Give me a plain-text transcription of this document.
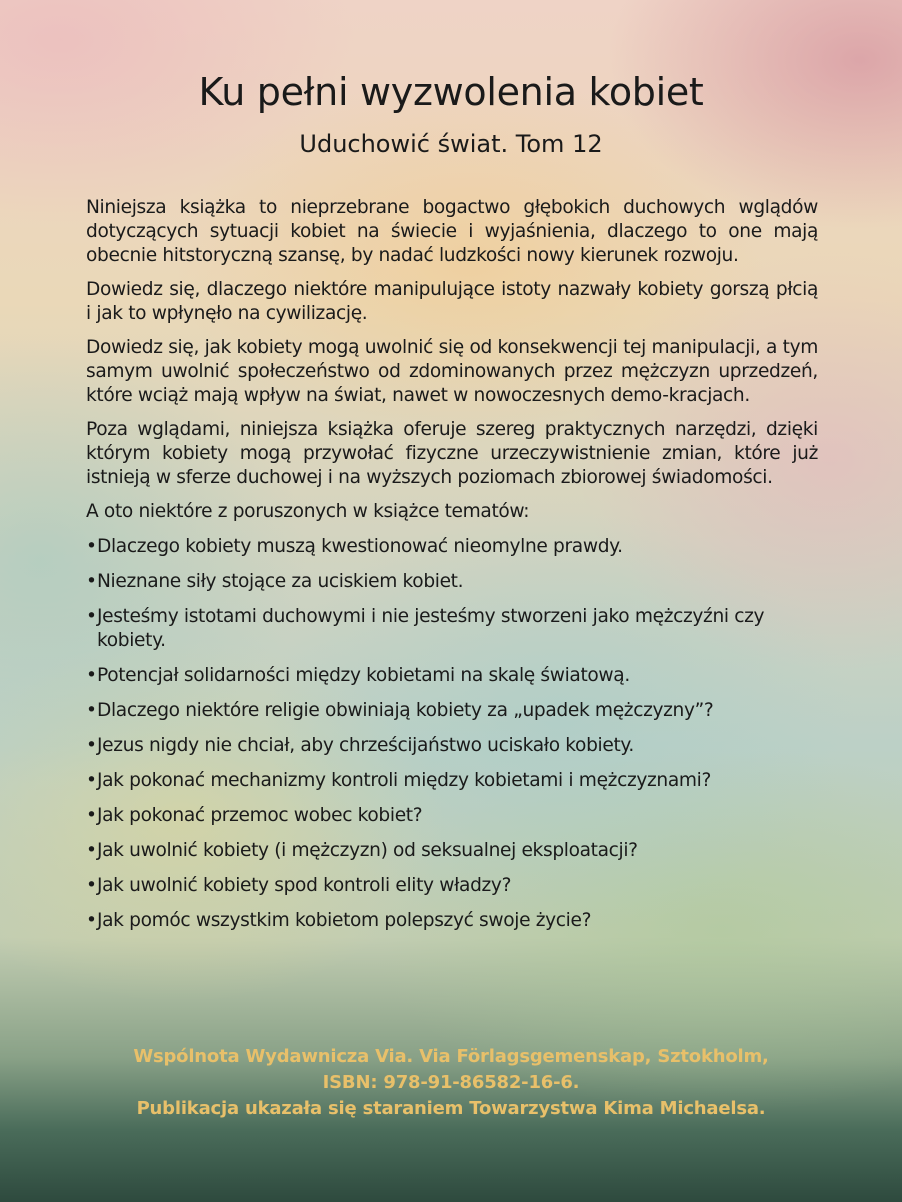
Ku pełni wyzwolenia kobiet
Uduchowić świat. Tom 12

Niniejsza książka to nieprzebrane bogactwo głębokich duchowych wglądów dotyczących sytuacji kobiet na świecie i wyjaśnienia, dlaczego to one mają obecnie hitstoryczną szansę, by nadać ludzkości nowy kierunek rozwoju.

Dowiedz się, dlaczego niektóre manipulujące istoty nazwały kobiety gorszą płcią i jak to wpłynęło na cywilizację.

Dowiedz się, jak kobiety mogą uwolnić się od konsekwencji tej manipulacji, a tym samym uwolnić społeczeństwo od zdominowanych przez mężczyzn uprzedzeń, które wciąż mają wpływ na świat, nawet w nowoczesnych demo-kracjach.

Poza wglądami, niniejsza książka oferuje szereg praktycznych narzędzi, dzięki którym kobiety mogą przywołać fizyczne urzeczywistnienie zmian, które już istnieją w sferze duchowej i na wyższych poziomach zbiorowej świadomości.

A oto niektóre z poruszonych w książce tematów:

• Dlaczego kobiety muszą kwestionować nieomylne prawdy.
• Nieznane siły stojące za uciskiem kobiet.
• Jesteśmy istotami duchowymi i nie jesteśmy stworzeni jako mężczyźni czy kobiety.
• Potencjał solidarności między kobietami na skalę światową.
• Dlaczego niektóre religie obwiniają kobiety za „upadek mężczyzny”?
• Jezus nigdy nie chciał, aby chrześcijaństwo uciskało kobiety.
• Jak pokonać mechanizmy kontroli między kobietami i mężczyznami?
• Jak pokonać przemoc wobec kobiet?
• Jak uwolnić kobiety (i mężczyzn) od seksualnej eksploatacji?
• Jak uwolnić kobiety spod kontroli elity władzy?
• Jak pomóc wszystkim kobietom polepszyć swoje życie?
Wspólnota Wydawnicza Via. Via Förlagsgemenskap, Sztokholm,
ISBN: 978-91-86582-16-6.
Publikacja ukazała się staraniem Towarzystwa Kima Michaelsa.
